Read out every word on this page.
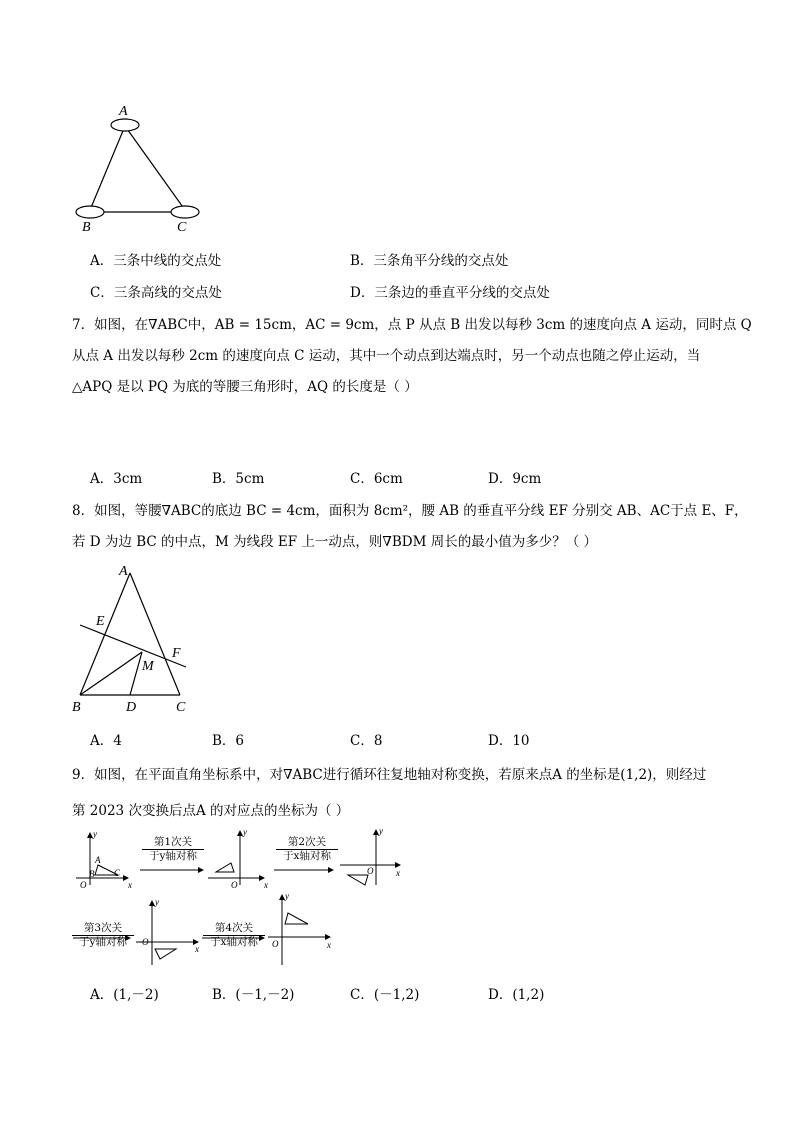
A
B	C
A．三条中线的交点处	B．三条角平分线的交点处
C．三条高线的交点处	D．三条边的垂直平分线的交点处
7．如图，在∇ABC中，AB = 15cm，AC = 9cm，点 P 从点 B 出发以每秒 3cm 的速度向点 A 运动，同时点 Q
从点 A 出发以每秒 2cm 的速度向点 C 运动，其中一个动点到达端点时，另一个动点也随之停止运动，当
△APQ 是以 PQ 为底的等腰三角形时，AQ 的长度是（ ）
A．3cm	B．5cm	C．6cm	D．9cm
8．如图，等腰∇ABC的底边 BC = 4cm，面积为 8cm²，腰 AB 的垂直平分线 EF 分别交 AB、AC于点 E、F，
若 D 为边 BC 的中点，M 为线段 EF 上一动点，则∇BDM 周长的最小值为多少？（ ）
A
E
F
M
B	D	C
A．4	B．6	C．8	D．10
9．如图，在平面直角坐标系中，对∇ABC进行循环往复地轴对称变换，若原来点A 的坐标是(1,2)，则经过
第 2023 次变换后点A 的对应点的坐标为（ ）
y
x
O
A
B C
y
x
O
y
x
O
y
x
O
y
x
O
第1次关
于y轴对称
第2次关
于x轴对称
第3次关
于y轴对称
第4次关
于x轴对称
A．(1,－2)	B．(－1,－2)	C．(－1,2)	D．(1,2)
